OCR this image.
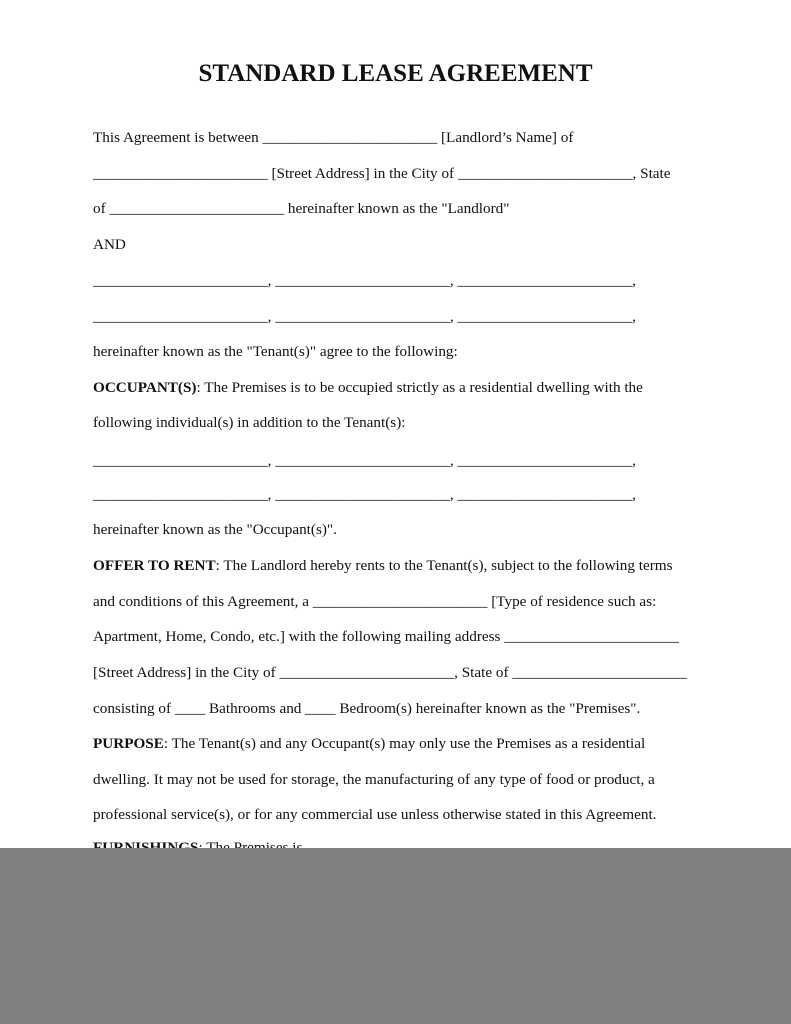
STANDARD LEASE AGREEMENT
This Agreement is between _______________________ [Landlord’s Name] of
_______________________ [Street Address] in the City of _______________________, State
of _______________________ hereinafter known as the "Landlord"
AND
_______________________, _______________________, _______________________,
_______________________, _______________________, _______________________,
hereinafter known as the "Tenant(s)" agree to the following:
OCCUPANT(S): The Premises is to be occupied strictly as a residential dwelling with the
following individual(s) in addition to the Tenant(s):
_______________________, _______________________, _______________________,
_______________________, _______________________, _______________________,
hereinafter known as the "Occupant(s)".
OFFER TO RENT: The Landlord hereby rents to the Tenant(s), subject to the following terms
and conditions of this Agreement, a _______________________ [Type of residence such as:
Apartment, Home, Condo, etc.] with the following mailing address _______________________
[Street Address] in the City of _______________________, State of _______________________
consisting of ____ Bathrooms and ____ Bedroom(s) hereinafter known as the "Premises".
PURPOSE: The Tenant(s) and any Occupant(s) may only use the Premises as a residential
dwelling. It may not be used for storage, the manufacturing of any type of food or product, a
professional service(s), or for any commercial use unless otherwise stated in this Agreement.
